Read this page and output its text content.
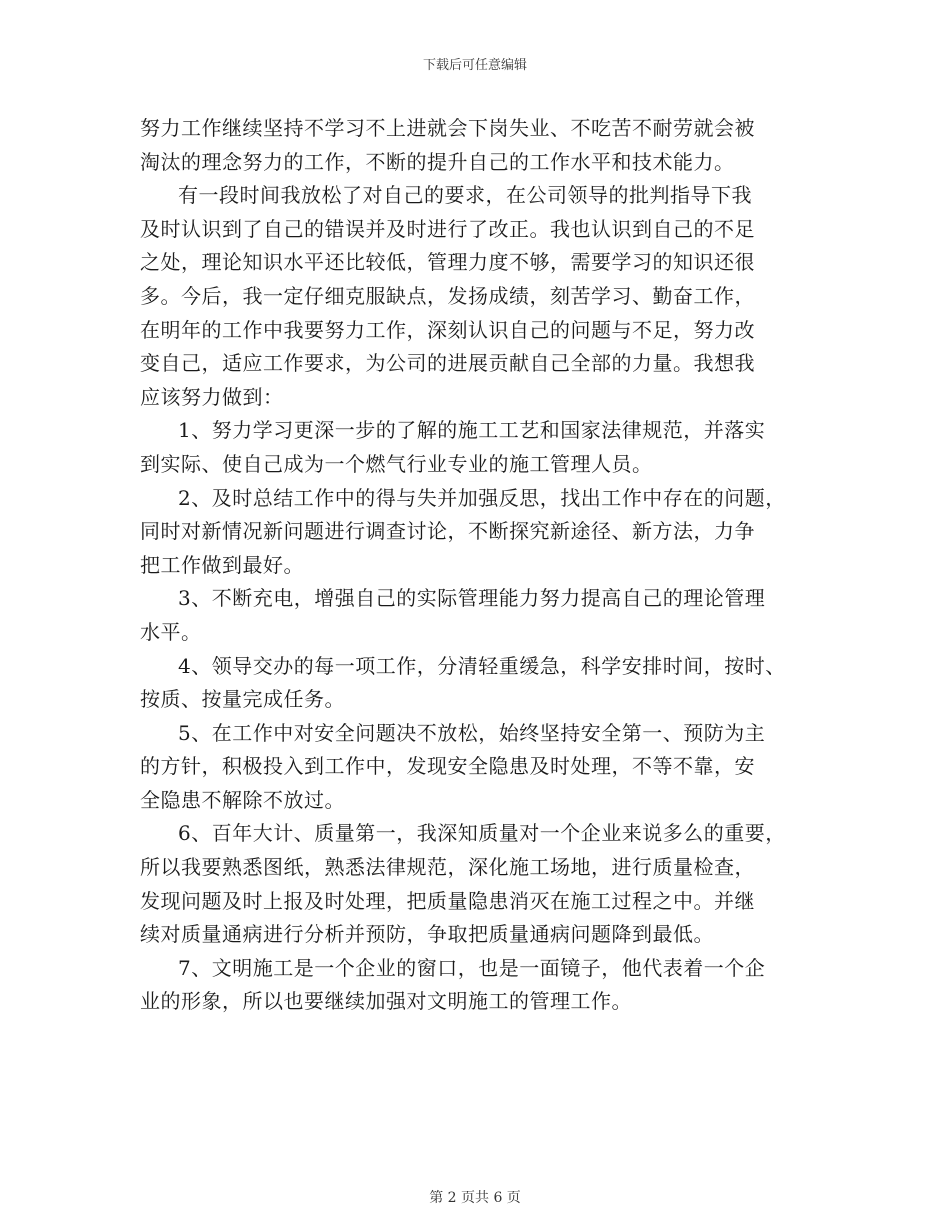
下载后可任意编辑
努力工作继续坚持不学习不上进就会下岗失业、不吃苦不耐劳就会被
淘汰的理念努力的工作，不断的提升自己的工作水平和技术能力。
有一段时间我放松了对自己的要求，在公司领导的批判指导下我
及时认识到了自己的错误并及时进行了改正。我也认识到自己的不足
之处，理论知识水平还比较低，管理力度不够，需要学习的知识还很
多。今后，我一定仔细克服缺点，发扬成绩，刻苦学习、勤奋工作，
在明年的工作中我要努力工作，深刻认识自己的问题与不足，努力改
变自己，适应工作要求，为公司的进展贡献自己全部的力量。我想我
应该努力做到：
1、努力学习更深一步的了解的施工工艺和国家法律规范，并落实
到实际、使自己成为一个燃气行业专业的施工管理人员。
2、及时总结工作中的得与失并加强反思，找出工作中存在的问题，
同时对新情况新问题进行调查讨论，不断探究新途径、新方法，力争
把工作做到最好。
3、不断充电，增强自己的实际管理能力努力提高自己的理论管理
水平。
4、领导交办的每一项工作，分清轻重缓急，科学安排时间，按时、
按质、按量完成任务。
5、在工作中对安全问题决不放松，始终坚持安全第一、预防为主
的方针，积极投入到工作中，发现安全隐患及时处理，不等不靠，安
全隐患不解除不放过。
6、百年大计、质量第一，我深知质量对一个企业来说多么的重要，
所以我要熟悉图纸，熟悉法律规范，深化施工场地，进行质量检查，
发现问题及时上报及时处理，把质量隐患消灭在施工过程之中。并继
续对质量通病进行分析并预防，争取把质量通病问题降到最低。
7、文明施工是一个企业的窗口，也是一面镜子，他代表着一个企
业的形象，所以也要继续加强对文明施工的管理工作。
第 2 页共 6 页
